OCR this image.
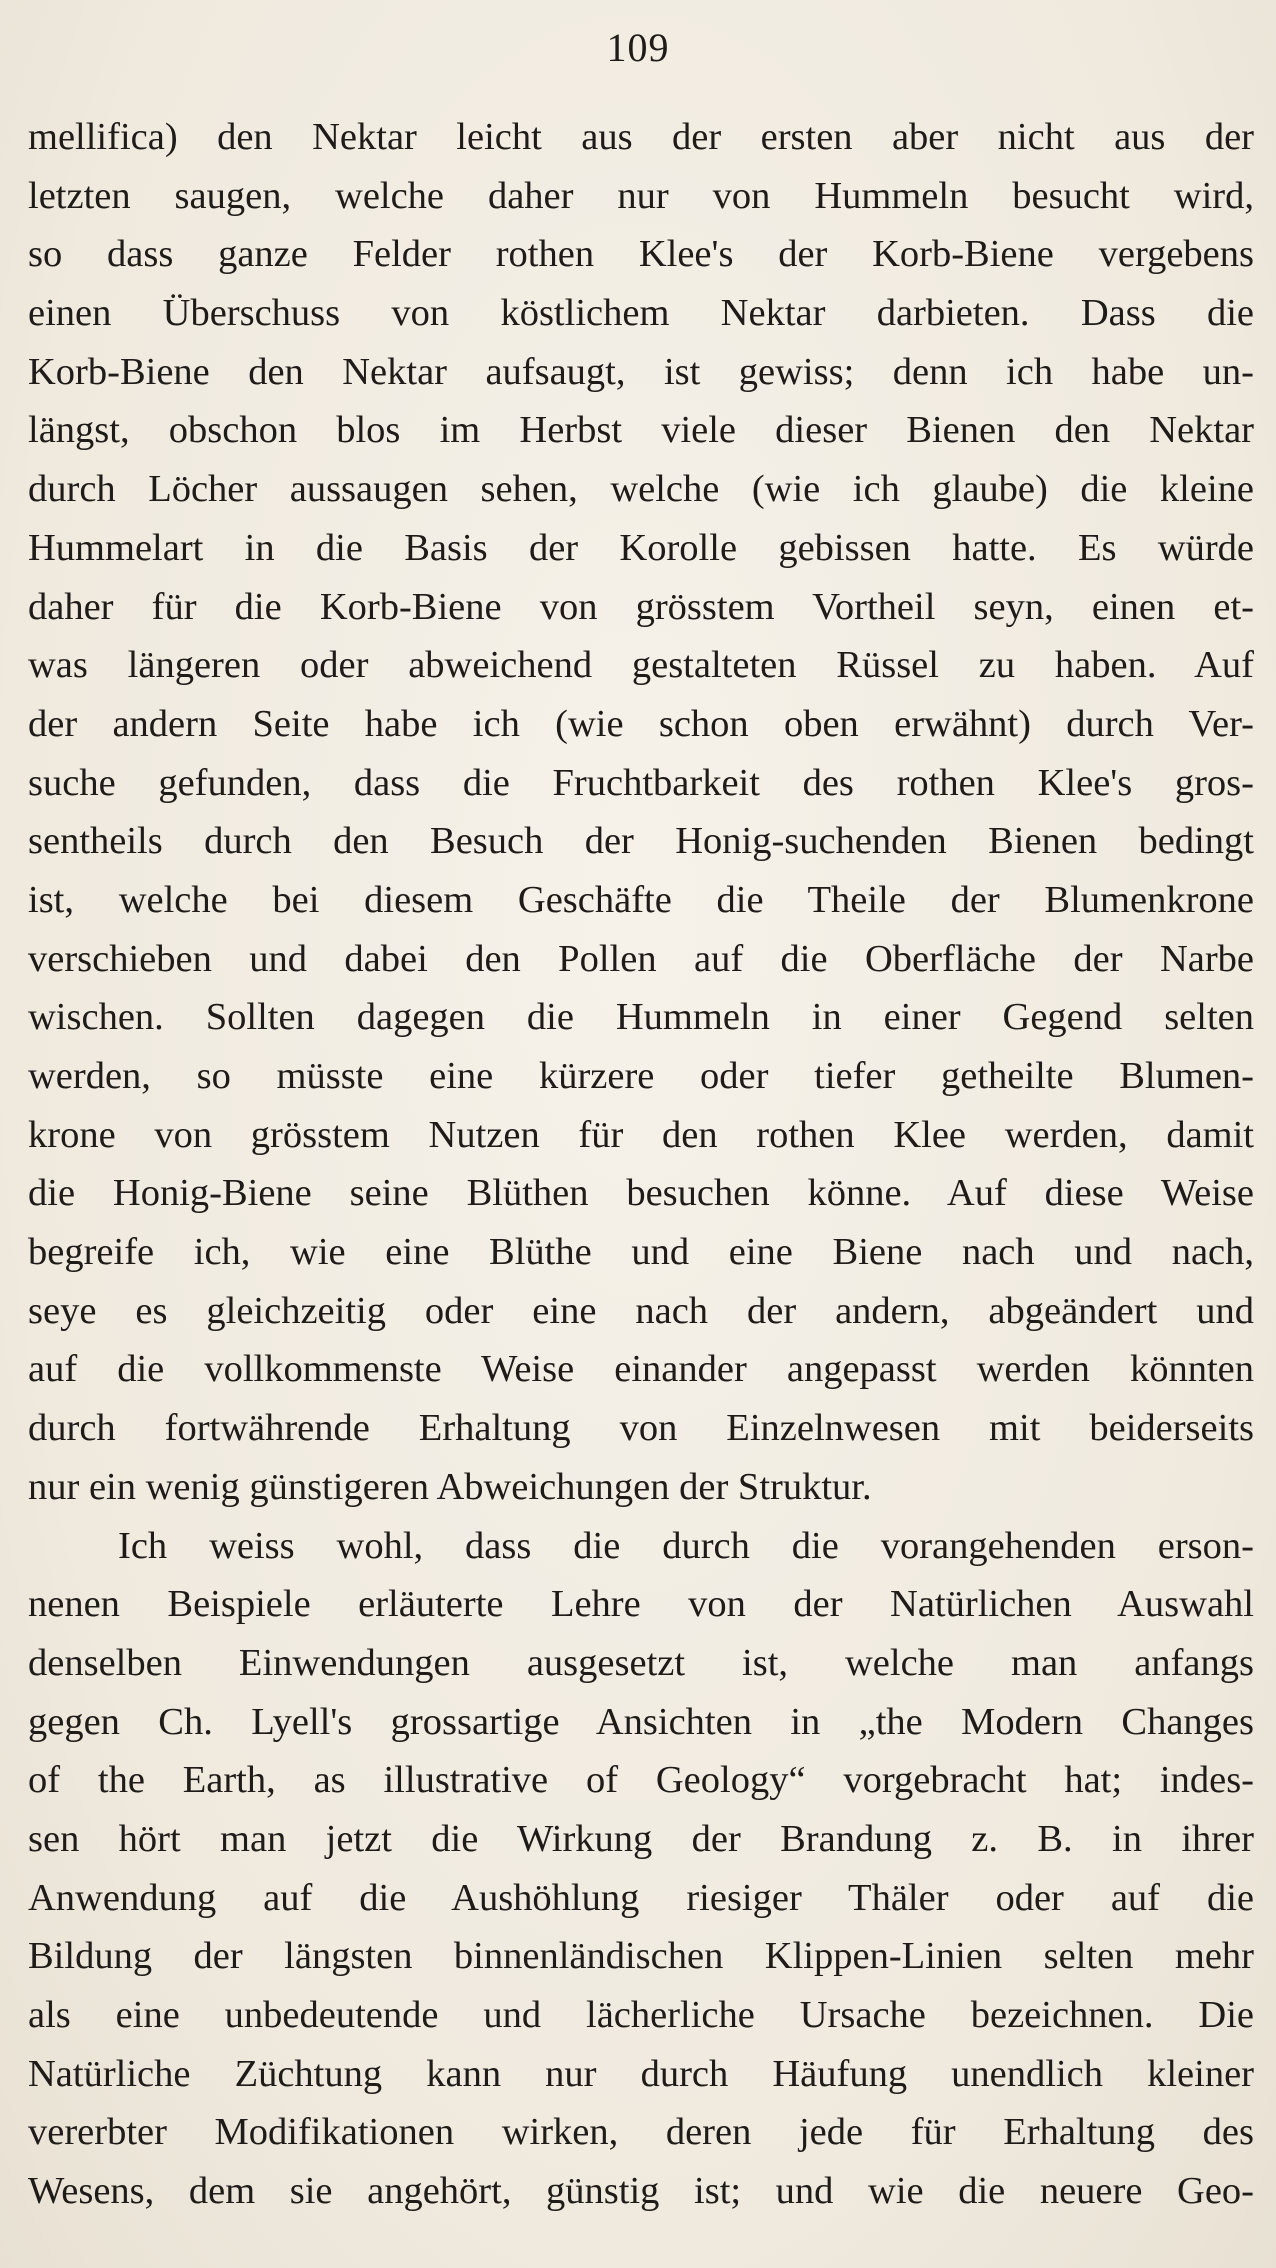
109
mellifica) den Nektar leicht aus der ersten aber nicht aus der
letzten saugen, welche daher nur von Hummeln besucht wird,
so dass ganze Felder rothen Klee's der Korb-Biene vergebens
einen Überschuss von köstlichem Nektar darbieten. Dass die
Korb-Biene den Nektar aufsaugt, ist gewiss; denn ich habe un-
längst, obschon blos im Herbst viele dieser Bienen den Nektar
durch Löcher aussaugen sehen, welche (wie ich glaube) die kleine
Hummelart in die Basis der Korolle gebissen hatte. Es würde
daher für die Korb-Biene von grösstem Vortheil seyn, einen et-
was längeren oder abweichend gestalteten Rüssel zu haben. Auf
der andern Seite habe ich (wie schon oben erwähnt) durch Ver-
suche gefunden, dass die Fruchtbarkeit des rothen Klee's gros-
sentheils durch den Besuch der Honig-suchenden Bienen bedingt
ist, welche bei diesem Geschäfte die Theile der Blumenkrone
verschieben und dabei den Pollen auf die Oberfläche der Narbe
wischen. Sollten dagegen die Hummeln in einer Gegend selten
werden, so müsste eine kürzere oder tiefer getheilte Blumen-
krone von grösstem Nutzen für den rothen Klee werden, damit
die Honig-Biene seine Blüthen besuchen könne. Auf diese Weise
begreife ich, wie eine Blüthe und eine Biene nach und nach,
seye es gleichzeitig oder eine nach der andern, abgeändert und
auf die vollkommenste Weise einander angepasst werden könnten
durch fortwährende Erhaltung von Einzelnwesen mit beiderseits
nur ein wenig günstigeren Abweichungen der Struktur.
Ich weiss wohl, dass die durch die vorangehenden erson-
nenen Beispiele erläuterte Lehre von der Natürlichen Auswahl
denselben Einwendungen ausgesetzt ist, welche man anfangs
gegen Ch. Lyell's grossartige Ansichten in „the Modern Changes
of the Earth, as illustrative of Geology“ vorgebracht hat; indes-
sen hört man jetzt die Wirkung der Brandung z. B. in ihrer
Anwendung auf die Aushöhlung riesiger Thäler oder auf die
Bildung der längsten binnenländischen Klippen-Linien selten mehr
als eine unbedeutende und lächerliche Ursache bezeichnen. Die
Natürliche Züchtung kann nur durch Häufung unendlich kleiner
vererbter Modifikationen wirken, deren jede für Erhaltung des
Wesens, dem sie angehört, günstig ist; und wie die neuere Geo-
